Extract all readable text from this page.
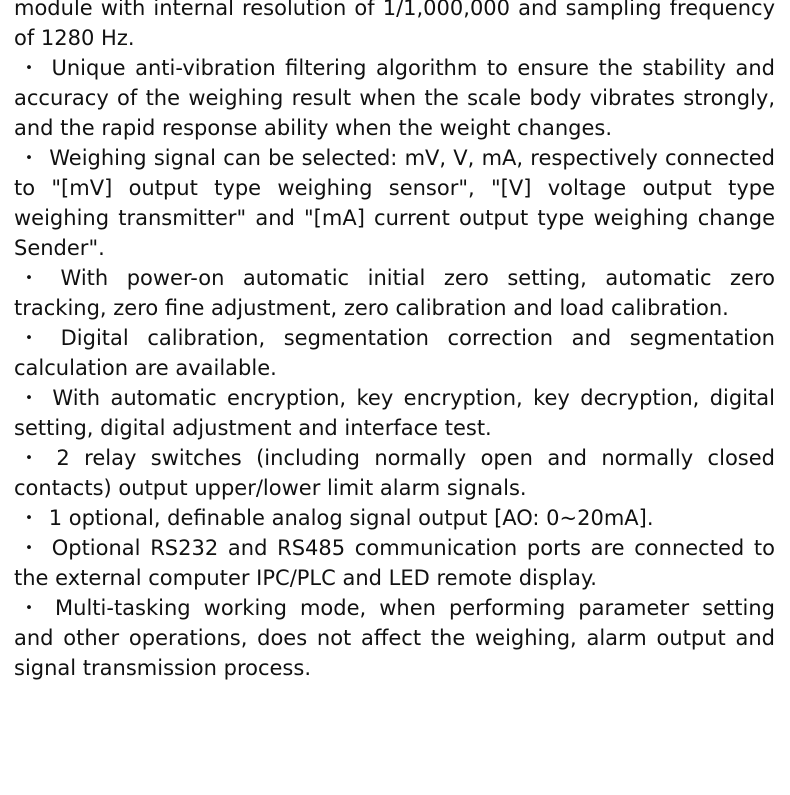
module with internal resolution of 1/1,000,000 and sampling frequency of 1280 Hz.

・ Unique anti-vibration filtering algorithm to ensure the stability and accuracy of the weighing result when the scale body vibrates strongly, and the rapid response ability when the weight changes.

・ Weighing signal can be selected: mV, V, mA, respectively connected to "[mV] output type weighing sensor", "[V] voltage output type weighing transmitter" and "[mA] current output type weighing change Sender".

・ With power-on automatic initial zero setting, automatic zero tracking, zero fine adjustment, zero calibration and load calibration.

・ Digital calibration, segmentation correction and segmentation calculation are available.

・ With automatic encryption, key encryption, key decryption, digital setting, digital adjustment and interface test.

・ 2 relay switches (including normally open and normally closed contacts) output upper/lower limit alarm signals.

・ 1 optional, definable analog signal output [AO: 0~20mA].

・ Optional RS232 and RS485 communication ports are connected to the external computer IPC/PLC and LED remote display.

・ Multi-tasking working mode, when performing parameter setting and other operations, does not affect the weighing, alarm output and signal transmission process.
